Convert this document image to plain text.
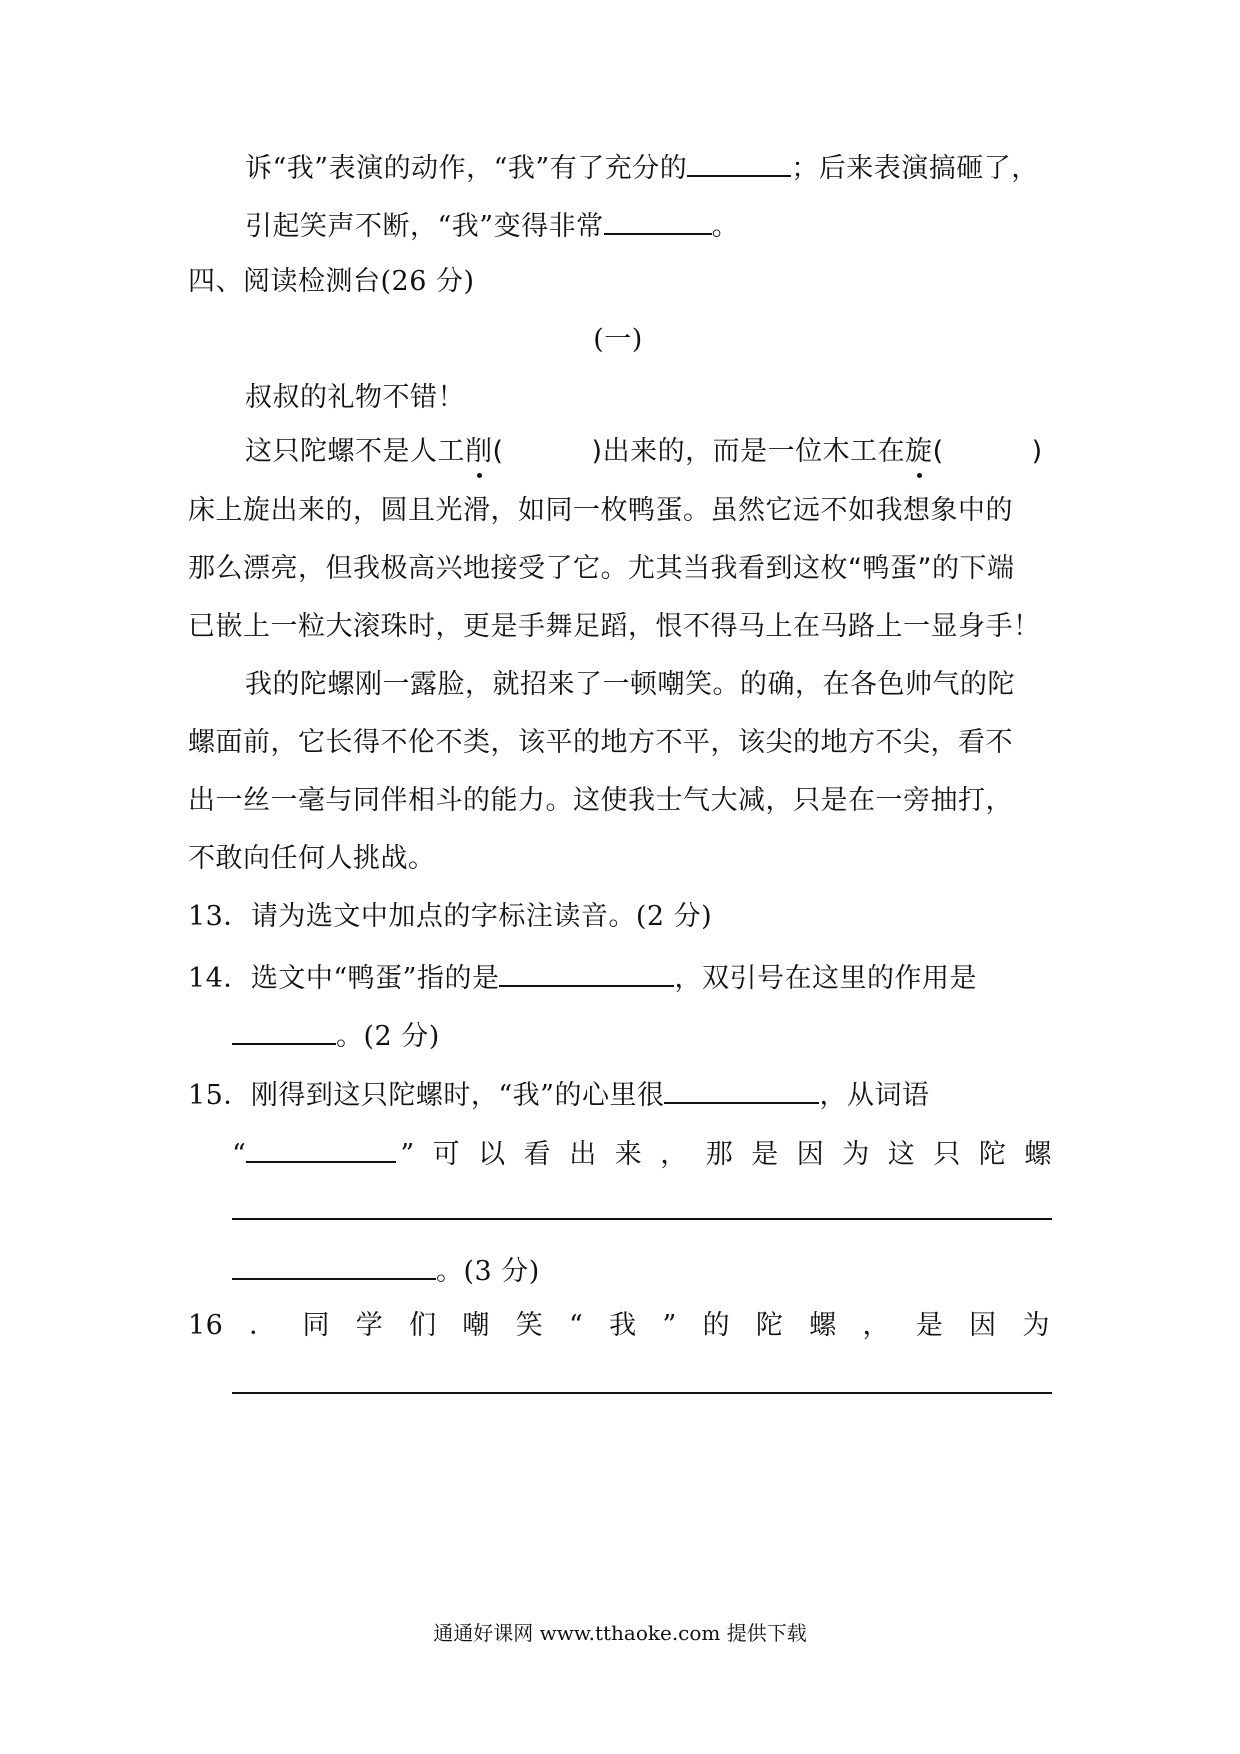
诉“我”表演的动作，“我”有了充分的	；后来表演搞砸了，
引起笑声不断，“我”变得非常	。
四、阅读检测台(26 分)
(一)
叔叔的礼物不错！
这只陀螺不是人工削(	)出来的，而是一位木工在旋(	)
床上旋出来的，圆且光滑，如同一枚鸭蛋。虽然它远不如我想象中的
那么漂亮，但我极高兴地接受了它。尤其当我看到这枚“鸭蛋”的下端
已嵌上一粒大滚珠时，更是手舞足蹈，恨不得马上在马路上一显身手！
我的陀螺刚一露脸，就招来了一顿嘲笑。的确，在各色帅气的陀
螺面前，它长得不伦不类，该平的地方不平，该尖的地方不尖，看不
出一丝一毫与同伴相斗的能力。这使我士气大减，只是在一旁抽打，
不敢向任何人挑战。
13．请为选文中加点的字标注读音。(2 分)
14．选文中“鸭蛋”指的是	，双引号在这里的作用是
。(2 分)
15．刚得到这只陀螺时，“我”的心里很	，从词语
“	” 可 以 看 出 来 ， 那 是 因 为 这 只 陀 螺
。(3 分)
16 ． 同 学 们 嘲 笑 “ 我 ” 的 陀 螺 ， 是 因 为
通通好课网 www.tthaoke.com 提供下载
